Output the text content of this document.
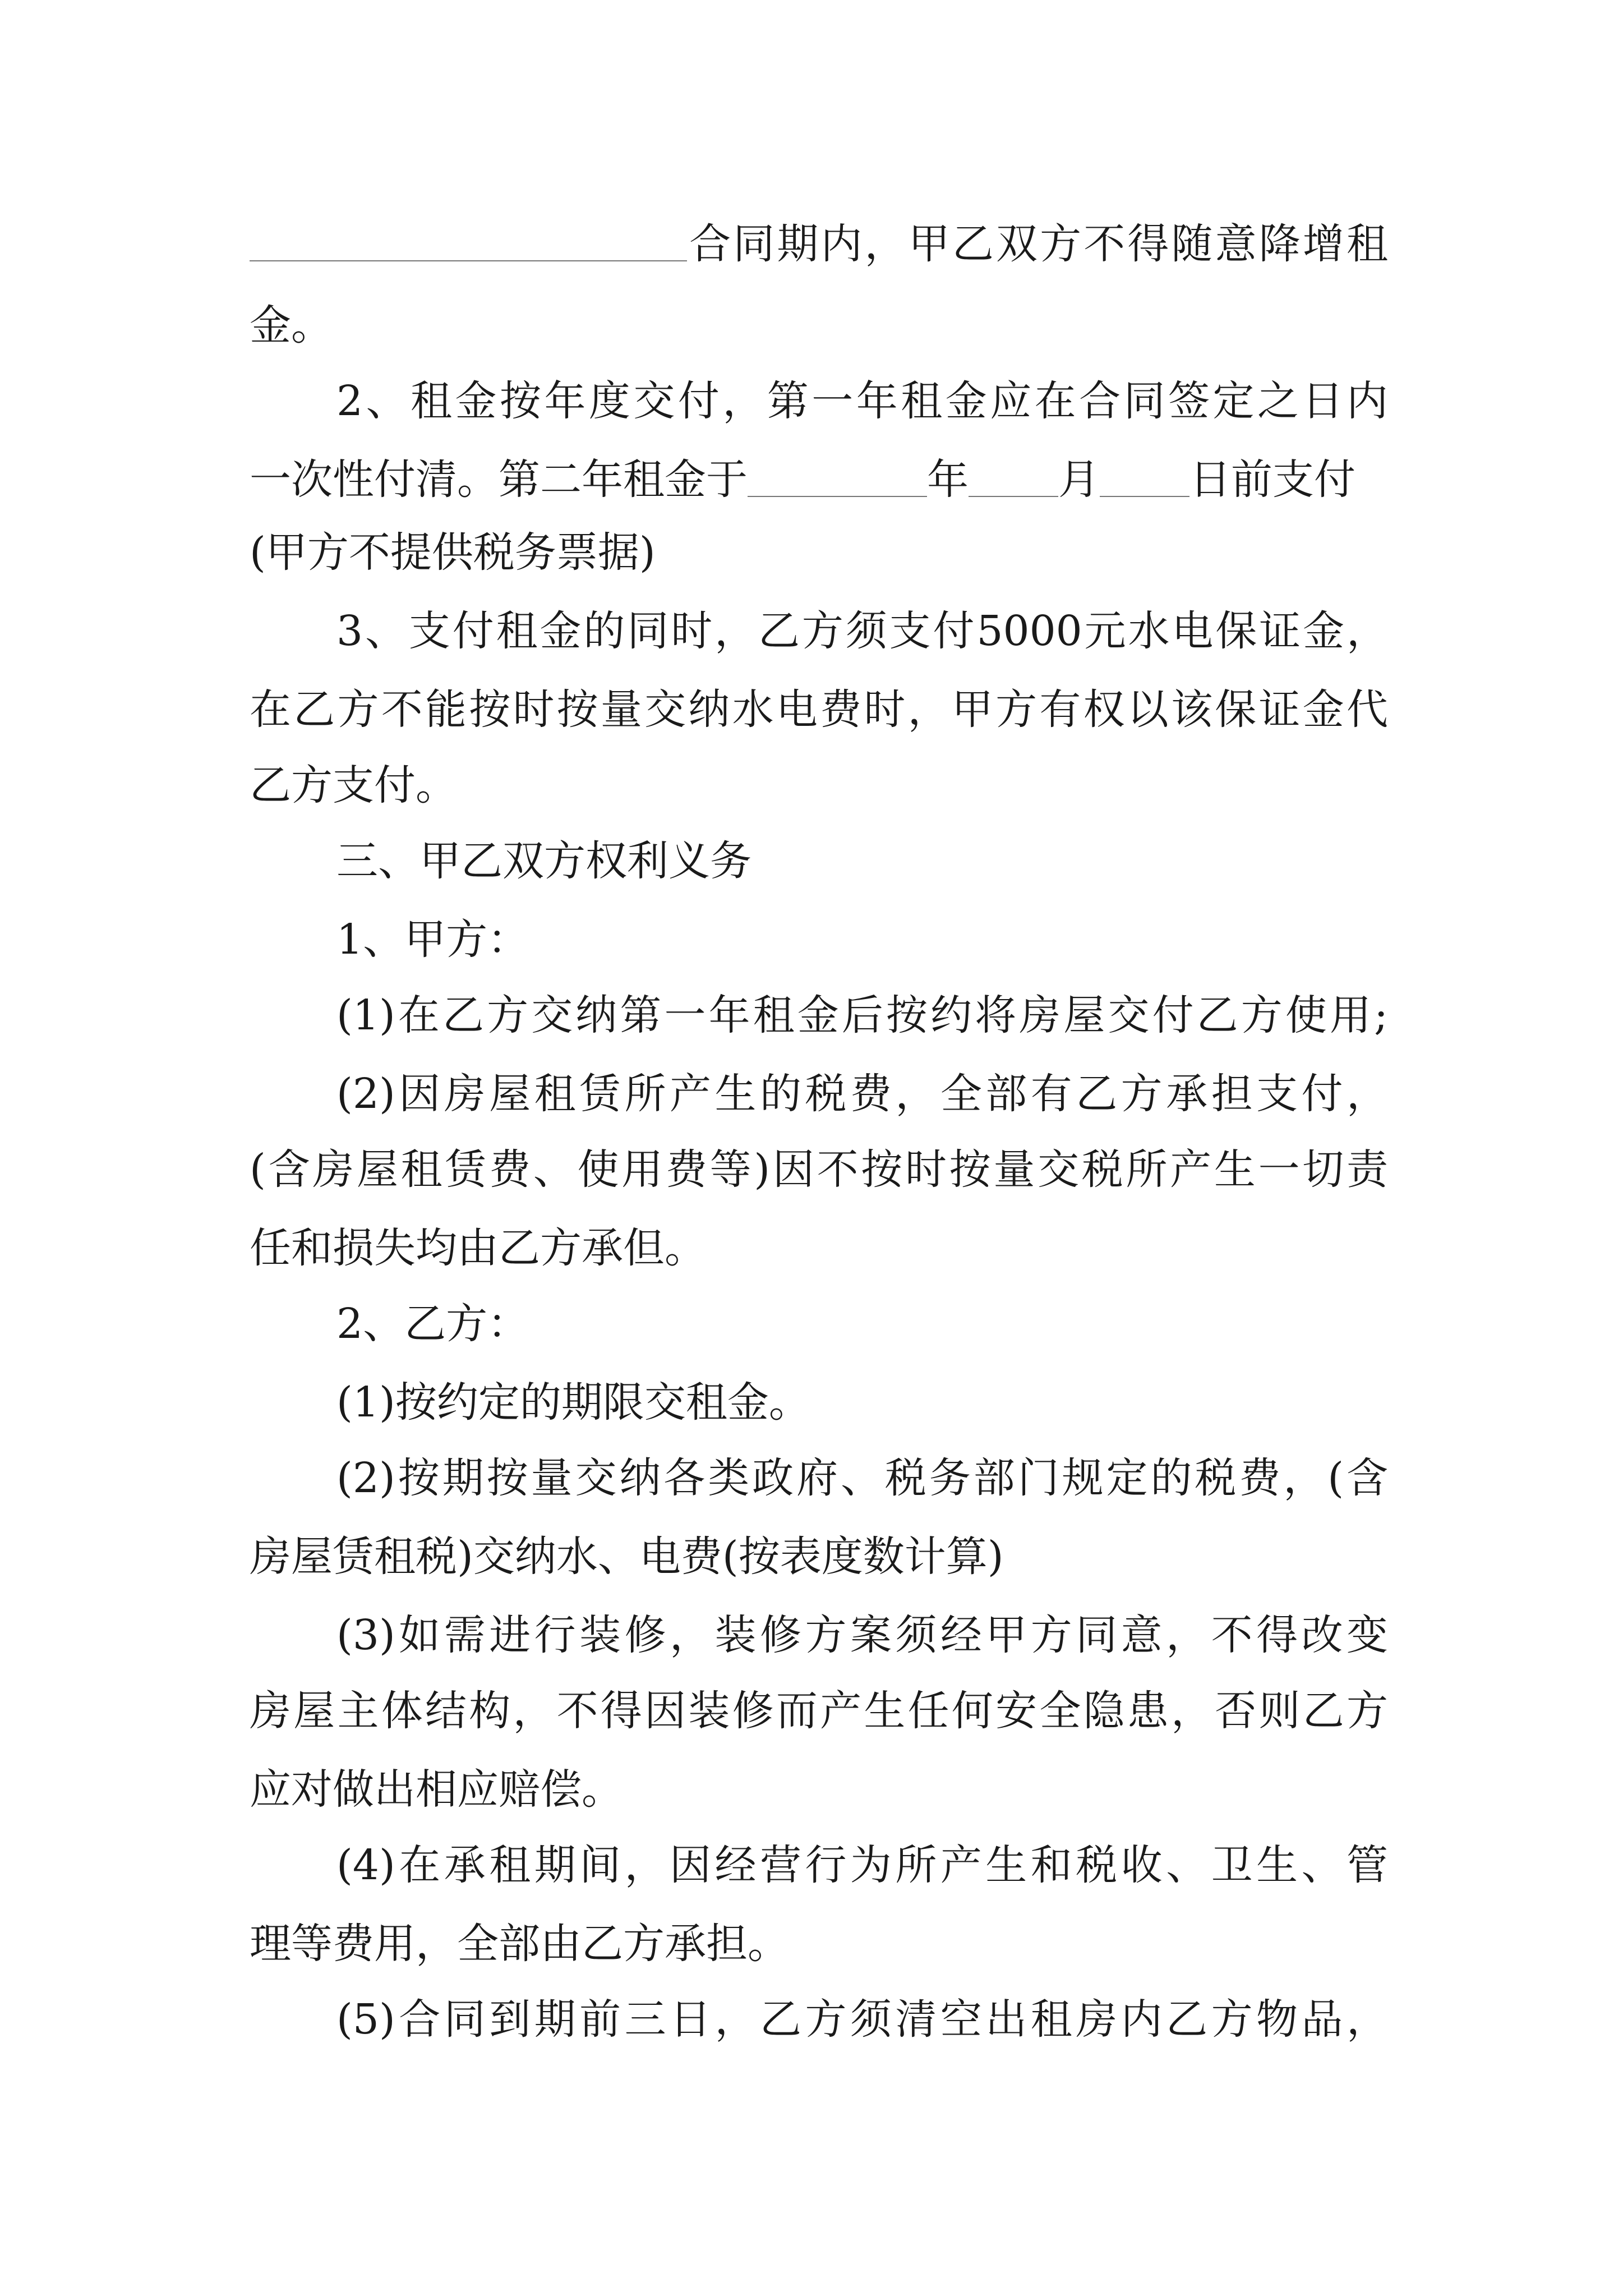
合同期内，甲乙双方不得随意降增租
金。
2、租金按年度交付，第一年租金应在合同签定之日内
一次性付清。第二年租金于	年 月 日前支付
(甲方不提供税务票据)
3、支付租金的同时，乙方须支付5000元水电保证金，
在乙方不能按时按量交纳水电费时，甲方有权以该保证金代
乙方支付。
三、甲乙双方权利义务
1、甲方：
(1)在乙方交纳第一年租金后按约将房屋交付乙方使用;
(2)因房屋租赁所产生的税费，全部有乙方承担支付，
(含房屋租赁费、使用费等)因不按时按量交税所产生一切责
任和损失均由乙方承但。
2、乙方：
(1)按约定的期限交租金。
(2)按期按量交纳各类政府、税务部门规定的税费，(含
房屋赁租税)交纳水、电费(按表度数计算)
(3)如需进行装修，装修方案须经甲方同意，不得改变
房屋主体结构，不得因装修而产生任何安全隐患，否则乙方
应对做出相应赔偿。
(4)在承租期间，因经营行为所产生和税收、卫生、管
理等费用，全部由乙方承担。
(5)合同到期前三日，乙方须清空出租房内乙方物品，
